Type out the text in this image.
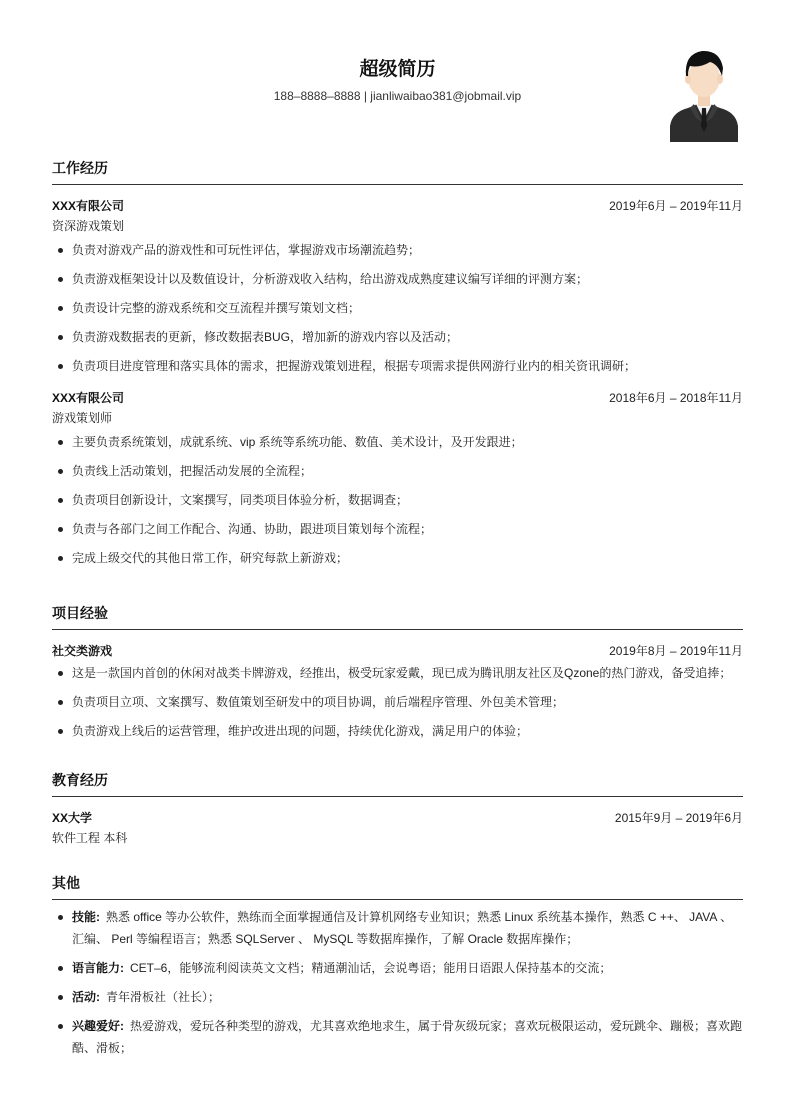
超级简历
188–8888–8888 | jianliwaibao381@jobmail.vip
工作经历
XXX有限公司	2019年6月 – 2019年11月
资深游戏策划
负责对游戏产品的游戏性和可玩性评估，掌握游戏市场潮流趋势；
负责游戏框架设计以及数值设计，分析游戏收入结构，给出游戏成熟度建议编写详细的评测方案；
负责设计完整的游戏系统和交互流程并撰写策划文档；
负责游戏数据表的更新，修改数据表BUG，增加新的游戏内容以及活动；
负责项目进度管理和落实具体的需求，把握游戏策划进程，根据专项需求提供网游行业内的相关资讯调研；
XXX有限公司	2018年6月 – 2018年11月
游戏策划师
主要负责系统策划，成就系统、vip 系统等系统功能、数值、美术设计，及开发跟进；
负责线上活动策划，把握活动发展的全流程；
负责项目创新设计，文案撰写，同类项目体验分析，数据调查；
负责与各部门之间工作配合、沟通、协助，跟进项目策划每个流程；
完成上级交代的其他日常工作，研究每款上新游戏；
项目经验
社交类游戏	2019年8月 – 2019年11月
这是一款国内首创的休闲对战类卡牌游戏，经推出，极受玩家爱戴，现已成为腾讯朋友社区及Qzone的热门游戏，备受追捧；
负责项目立项、文案撰写、数值策划至研发中的项目协调，前后端程序管理、外包美术管理；
负责游戏上线后的运营管理，维护改进出现的问题，持续优化游戏，满足用户的体验；
教育经历
XX大学	2015年9月 – 2019年6月
软件工程 本科
其他
技能: 熟悉 office 等办公软件，熟练而全面掌握通信及计算机网络专业知识；熟悉 Linux 系统基本操作，熟悉 C ++、 JAVA 、汇编、 Perl 等编程语言；熟悉 SQLServer 、 MySQL 等数据库操作，了解 Oracle 数据库操作；
语言能力: CET–6，能够流利阅读英文文档；精通潮汕话，会说粤语；能用日语跟人保持基本的交流；
活动: 青年滑板社（社长）；
兴趣爱好: 热爱游戏，爱玩各种类型的游戏，尤其喜欢绝地求生，属于骨灰级玩家；喜欢玩极限运动，爱玩跳伞、蹦极；喜欢跑酷、滑板；
